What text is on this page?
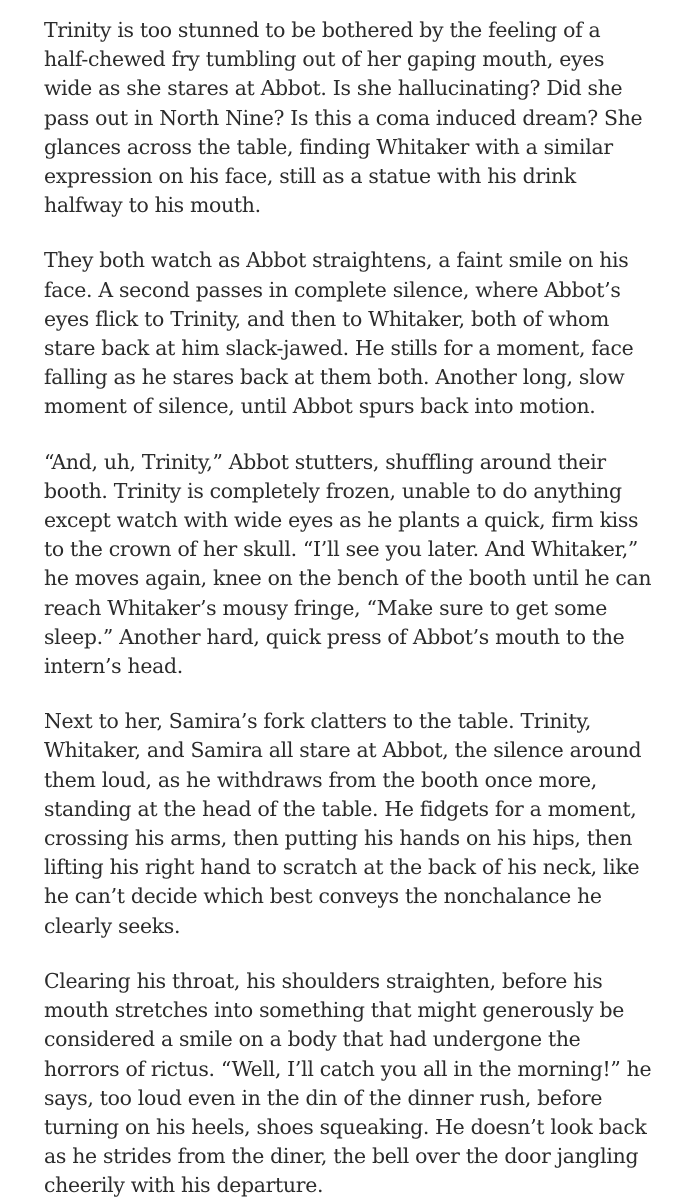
Trinity is too stunned to be bothered by the feeling of a
half-chewed fry tumbling out of her gaping mouth, eyes
wide as she stares at Abbot. Is she hallucinating? Did she
pass out in North Nine? Is this a coma induced dream? She
glances across the table, finding Whitaker with a similar
expression on his face, still as a statue with his drink
halfway to his mouth.

They both watch as Abbot straightens, a faint smile on his
face. A second passes in complete silence, where Abbot’s
eyes flick to Trinity, and then to Whitaker, both of whom
stare back at him slack-jawed. He stills for a moment, face
falling as he stares back at them both. Another long, slow
moment of silence, until Abbot spurs back into motion.

“And, uh, Trinity,” Abbot stutters, shuffling around their
booth. Trinity is completely frozen, unable to do anything
except watch with wide eyes as he plants a quick, firm kiss
to the crown of her skull. “I’ll see you later. And Whitaker,”
he moves again, knee on the bench of the booth until he can
reach Whitaker’s mousy fringe, “Make sure to get some
sleep.” Another hard, quick press of Abbot’s mouth to the
intern’s head.

Next to her, Samira’s fork clatters to the table. Trinity,
Whitaker, and Samira all stare at Abbot, the silence around
them loud, as he withdraws from the booth once more,
standing at the head of the table. He fidgets for a moment,
crossing his arms, then putting his hands on his hips, then
lifting his right hand to scratch at the back of his neck, like
he can’t decide which best conveys the nonchalance he
clearly seeks.

Clearing his throat, his shoulders straighten, before his
mouth stretches into something that might generously be
considered a smile on a body that had undergone the
horrors of rictus. “Well, I’ll catch you all in the morning!” he
says, too loud even in the din of the dinner rush, before
turning on his heels, shoes squeaking. He doesn’t look back
as he strides from the diner, the bell over the door jangling
cheerily with his departure.
